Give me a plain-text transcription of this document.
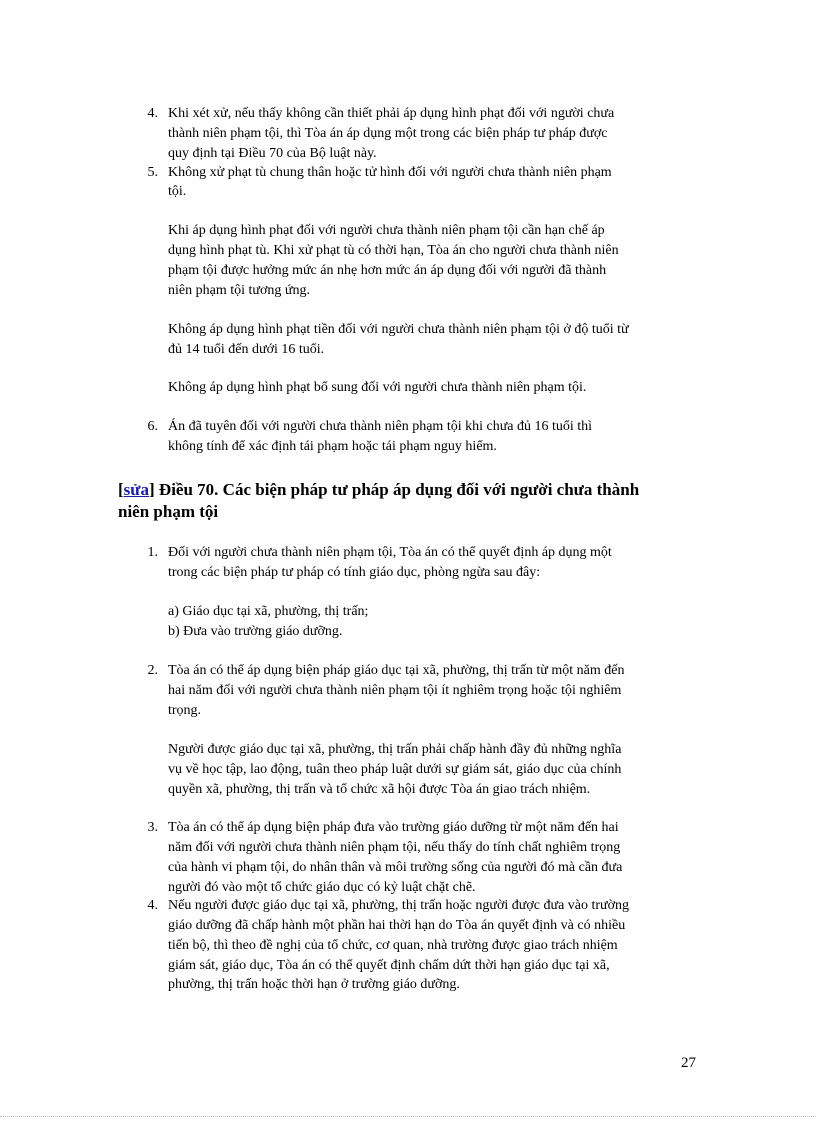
4. Khi xét xử, nếu thấy không cần thiết phải áp dụng hình phạt đối với người chưa
thành niên phạm tội, thì Tòa án áp dụng một trong các biện pháp tư pháp được
quy định tại Điều 70 của Bộ luật này.
5. Không xử phạt tù chung thân hoặc tử hình đối với người chưa thành niên phạm
tội.
Khi áp dụng hình phạt đối với người chưa thành niên phạm tội cần hạn chế áp
dụng hình phạt tù. Khi xử phạt tù có thời hạn, Tòa án cho người chưa thành niên
phạm tội được hưởng mức án nhẹ hơn mức án áp dụng đối với người đã thành
niên phạm tội tương ứng.
Không áp dụng hình phạt tiền đối với người chưa thành niên phạm tội ở độ tuổi từ
đủ 14 tuổi đến dưới 16 tuổi.
Không áp dụng hình phạt bổ sung đối với người chưa thành niên phạm tội.
6. Án đã tuyên đối với người chưa thành niên phạm tội khi chưa đủ 16 tuổi thì
không tính để xác định tái phạm hoặc tái phạm nguy hiểm.
[sửa] Điều 70. Các biện pháp tư pháp áp dụng đối với người chưa thành
niên phạm tội
1. Đối với người chưa thành niên phạm tội, Tòa án có thể quyết định áp dụng một
trong các biện pháp tư pháp có tính giáo dục, phòng ngừa sau đây:
a) Giáo dục tại xã, phường, thị trấn;
b) Đưa vào trường giáo dưỡng.
2. Tòa án có thể áp dụng biện pháp giáo dục tại xã, phường, thị trấn từ một năm đến
hai năm đối với người chưa thành niên phạm tội ít nghiêm trọng hoặc tội nghiêm
trọng.
Người được giáo dục tại xã, phường, thị trấn phải chấp hành đầy đủ những nghĩa
vụ về học tập, lao động, tuân theo pháp luật dưới sự giám sát, giáo dục của chính
quyền xã, phường, thị trấn và tổ chức xã hội được Tòa án giao trách nhiệm.
3. Tòa án có thể áp dụng biện pháp đưa vào trường giáo dưỡng từ một năm đến hai
năm đối với người chưa thành niên phạm tội, nếu thấy do tính chất nghiêm trọng
của hành vi phạm tội, do nhân thân và môi trường sống của người đó mà cần đưa
người đó vào một tổ chức giáo dục có kỷ luật chặt chẽ.
4. Nếu người được giáo dục tại xã, phường, thị trấn hoặc người được đưa vào trường
giáo dưỡng đã chấp hành một phần hai thời hạn do Tòa án quyết định và có nhiều
tiến bộ, thì theo đề nghị của tổ chức, cơ quan, nhà trường được giao trách nhiệm
giám sát, giáo dục, Tòa án có thể quyết định chấm dứt thời hạn giáo dục tại xã,
phường, thị trấn hoặc thời hạn ở trường giáo dưỡng.
27
